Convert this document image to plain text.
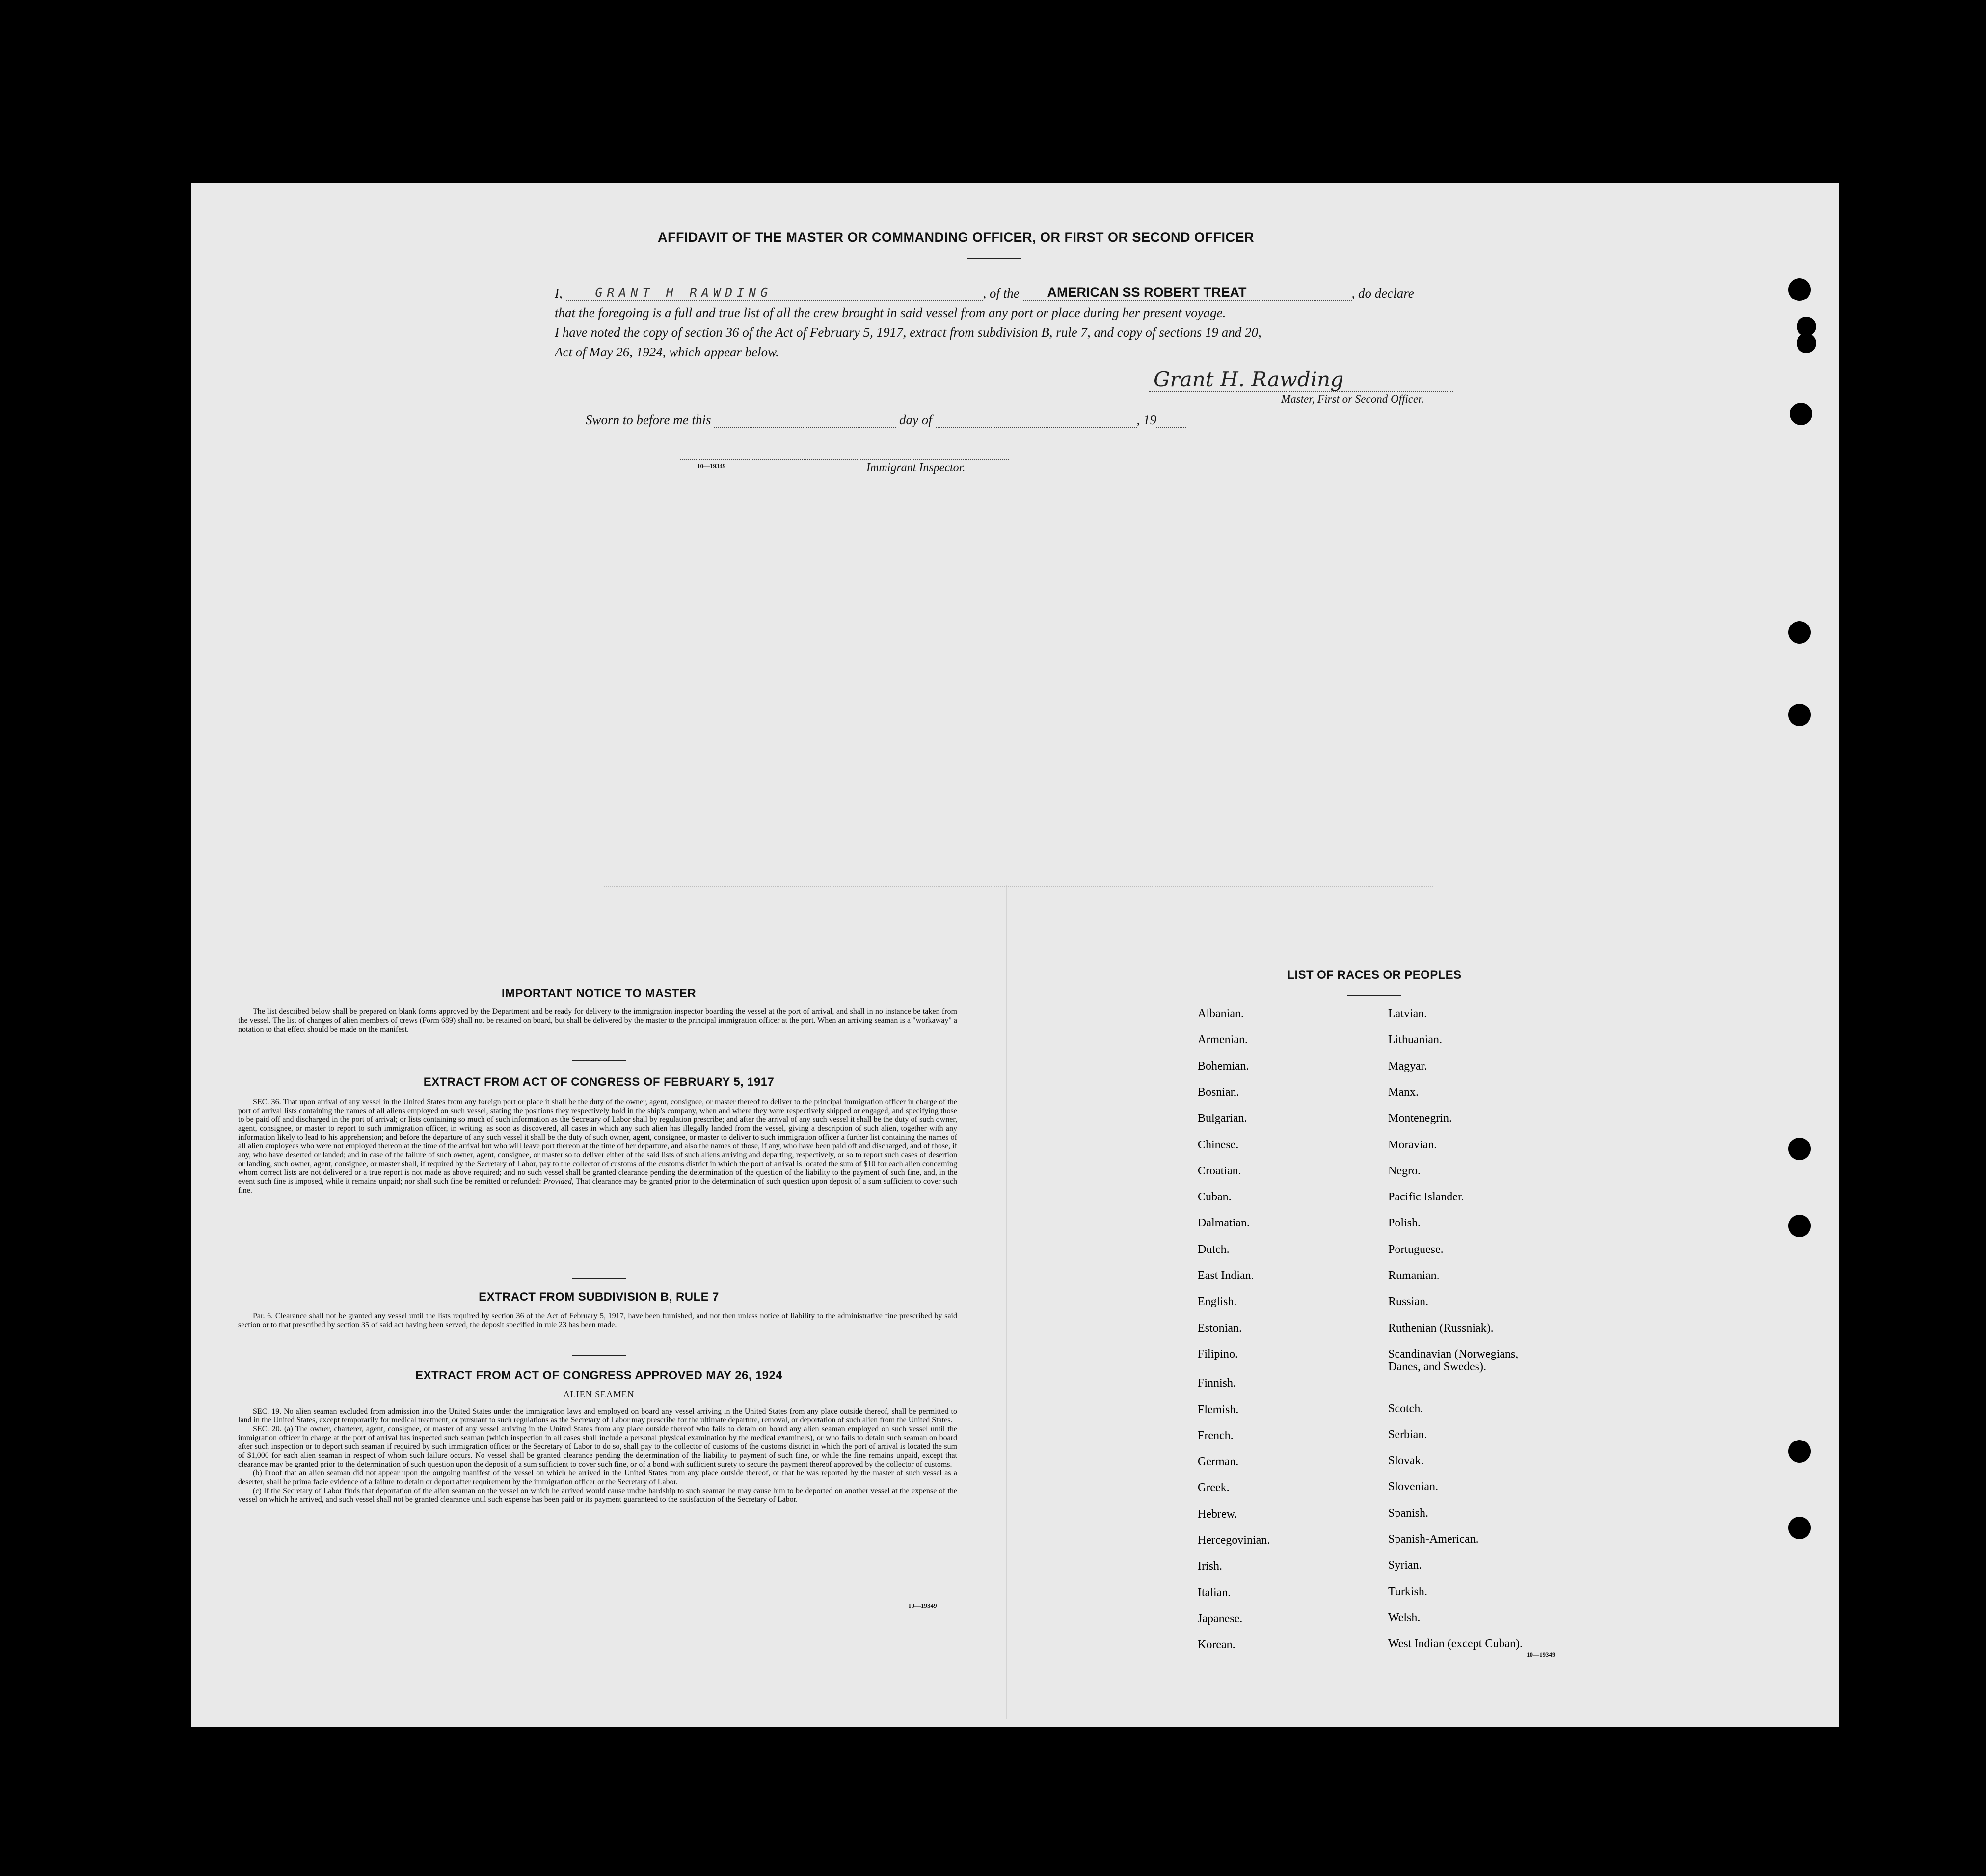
AFFIDAVIT OF THE MASTER OR COMMANDING OFFICER, OR FIRST OR SECOND OFFICER
I,	GRANT H RAWDING	, of the AMERICAN SS ROBERT TREAT	, do declare
that the foregoing is a full and true list of all the crew brought in said vessel from any port or place during her present voyage.
I have noted the copy of section 36 of the Act of February 5, 1917, extract from subdivision B, rule 7, and copy of sections 19 and 20,
Act of May 26, 1924, which appear below.
Grant H. Rawding
Master, First or Second Officer.
Sworn to before me this	day of	, 19
10—19349	Immigrant Inspector.
IMPORTANT NOTICE TO MASTER
The list described below shall be prepared on blank forms approved by the Department and be ready for delivery to the immigration inspector boarding the vessel at the port of arrival, and shall in no instance be taken from the vessel. The list of changes of alien members of crews (Form 689) shall not be retained on board, but shall be delivered by the master to the principal immigration officer at the port. When an arriving seaman is a "workaway" a notation to that effect should be made on the manifest.
EXTRACT FROM ACT OF CONGRESS OF FEBRUARY 5, 1917
SEC. 36. That upon arrival of any vessel in the United States from any foreign port or place it shall be the duty of the owner, agent, consignee, or master thereof to deliver to the principal immigration officer in charge of the port of arrival lists containing the names of all aliens employed on such vessel, stating the positions they respectively hold in the ship's company, when and where they were respectively shipped or engaged, and specifying those to be paid off and discharged in the port of arrival; or lists containing so much of such information as the Secretary of Labor shall by regulation prescribe; and after the arrival of any such vessel it shall be the duty of such owner, agent, consignee, or master to report to such immigration officer, in writing, as soon as discovered, all cases in which any such alien has illegally landed from the vessel, giving a description of such alien, together with any information likely to lead to his apprehension; and before the departure of any such vessel it shall be the duty of such owner, agent, consignee, or master to deliver to such immigration officer a further list containing the names of all alien employees who were not employed thereon at the time of the arrival but who will leave port thereon at the time of her departure, and also the names of those, if any, who have been paid off and discharged, and of those, if any, who have deserted or landed; and in case of the failure of such owner, agent, consignee, or master so to deliver either of the said lists of such aliens arriving and departing, respectively, or so to report such cases of desertion or landing, such owner, agent, consignee, or master shall, if required by the Secretary of Labor, pay to the collector of customs of the customs district in which the port of arrival is located the sum of $10 for each alien concerning whom correct lists are not delivered or a true report is not made as above required; and no such vessel shall be granted clearance pending the determination of the question of the liability to the payment of such fine, and, in the event such fine is imposed, while it remains unpaid; nor shall such fine be remitted or refunded: Provided, That clearance may be granted prior to the determination of such question upon deposit of a sum sufficient to cover such fine.
EXTRACT FROM SUBDIVISION B, RULE 7
Par. 6. Clearance shall not be granted any vessel until the lists required by section 36 of the Act of February 5, 1917, have been furnished, and not then unless notice of liability to the administrative fine prescribed by said section or to that prescribed by section 35 of said act having been served, the deposit specified in rule 23 has been made.
EXTRACT FROM ACT OF CONGRESS APPROVED MAY 26, 1924
ALIEN SEAMEN
SEC. 19. No alien seaman excluded from admission into the United States under the immigration laws and employed on board any vessel arriving in the United States from any place outside thereof, shall be permitted to land in the United States, except temporarily for medical treatment, or pursuant to such regulations as the Secretary of Labor may prescribe for the ultimate departure, removal, or deportation of such alien from the United States.
SEC. 20. (a) The owner, charterer, agent, consignee, or master of any vessel arriving in the United States from any place outside thereof who fails to detain on board any alien seaman employed on such vessel until the immigration officer in charge at the port of arrival has inspected such seaman (which inspection in all cases shall include a personal physical examination by the medical examiners), or who fails to detain such seaman on board after such inspection or to deport such seaman if required by such immigration officer or the Secretary of Labor to do so, shall pay to the collector of customs of the customs district in which the port of arrival is located the sum of $1,000 for each alien seaman in respect of whom such failure occurs. No vessel shall be granted clearance pending the determination of the liability to payment of such fine, or while the fine remains unpaid, except that clearance may be granted prior to the determination of such question upon the deposit of a sum sufficient to cover such fine, or of a bond with sufficient surety to secure the payment thereof approved by the collector of customs.
(b) Proof that an alien seaman did not appear upon the outgoing manifest of the vessel on which he arrived in the United States from any place outside thereof, or that he was reported by the master of such vessel as a deserter, shall be prima facie evidence of a failure to detain or deport after requirement by the immigration officer or the Secretary of Labor.
(c) If the Secretary of Labor finds that deportation of the alien seaman on the vessel on which he arrived would cause undue hardship to such seaman he may cause him to be deported on another vessel at the expense of the vessel on which he arrived, and such vessel shall not be granted clearance until such expense has been paid or its payment guaranteed to the satisfaction of the Secretary of Labor.
10—19349
LIST OF RACES OR PEOPLES
Albanian.
Armenian.
Bohemian.
Bosnian.
Bulgarian.
Chinese.
Croatian.
Cuban.
Dalmatian.
Dutch.
East Indian.
English.
Estonian.
Filipino.
Finnish.
Flemish.
French.
German.
Greek.
Hebrew.
Hercegovinian.
Irish.
Italian.
Japanese.
Korean.
Latvian.
Lithuanian.
Magyar.
Manx.
Montenegrin.
Moravian.
Negro.
Pacific Islander.
Polish.
Portuguese.
Rumanian.
Russian.
Ruthenian (Russniak).
Scandinavian (Norwegians, Danes, and Swedes).
Scotch.
Serbian.
Slovak.
Slovenian.
Spanish.
Spanish-American.
Syrian.
Turkish.
Welsh.
West Indian (except Cuban).
10—19349
